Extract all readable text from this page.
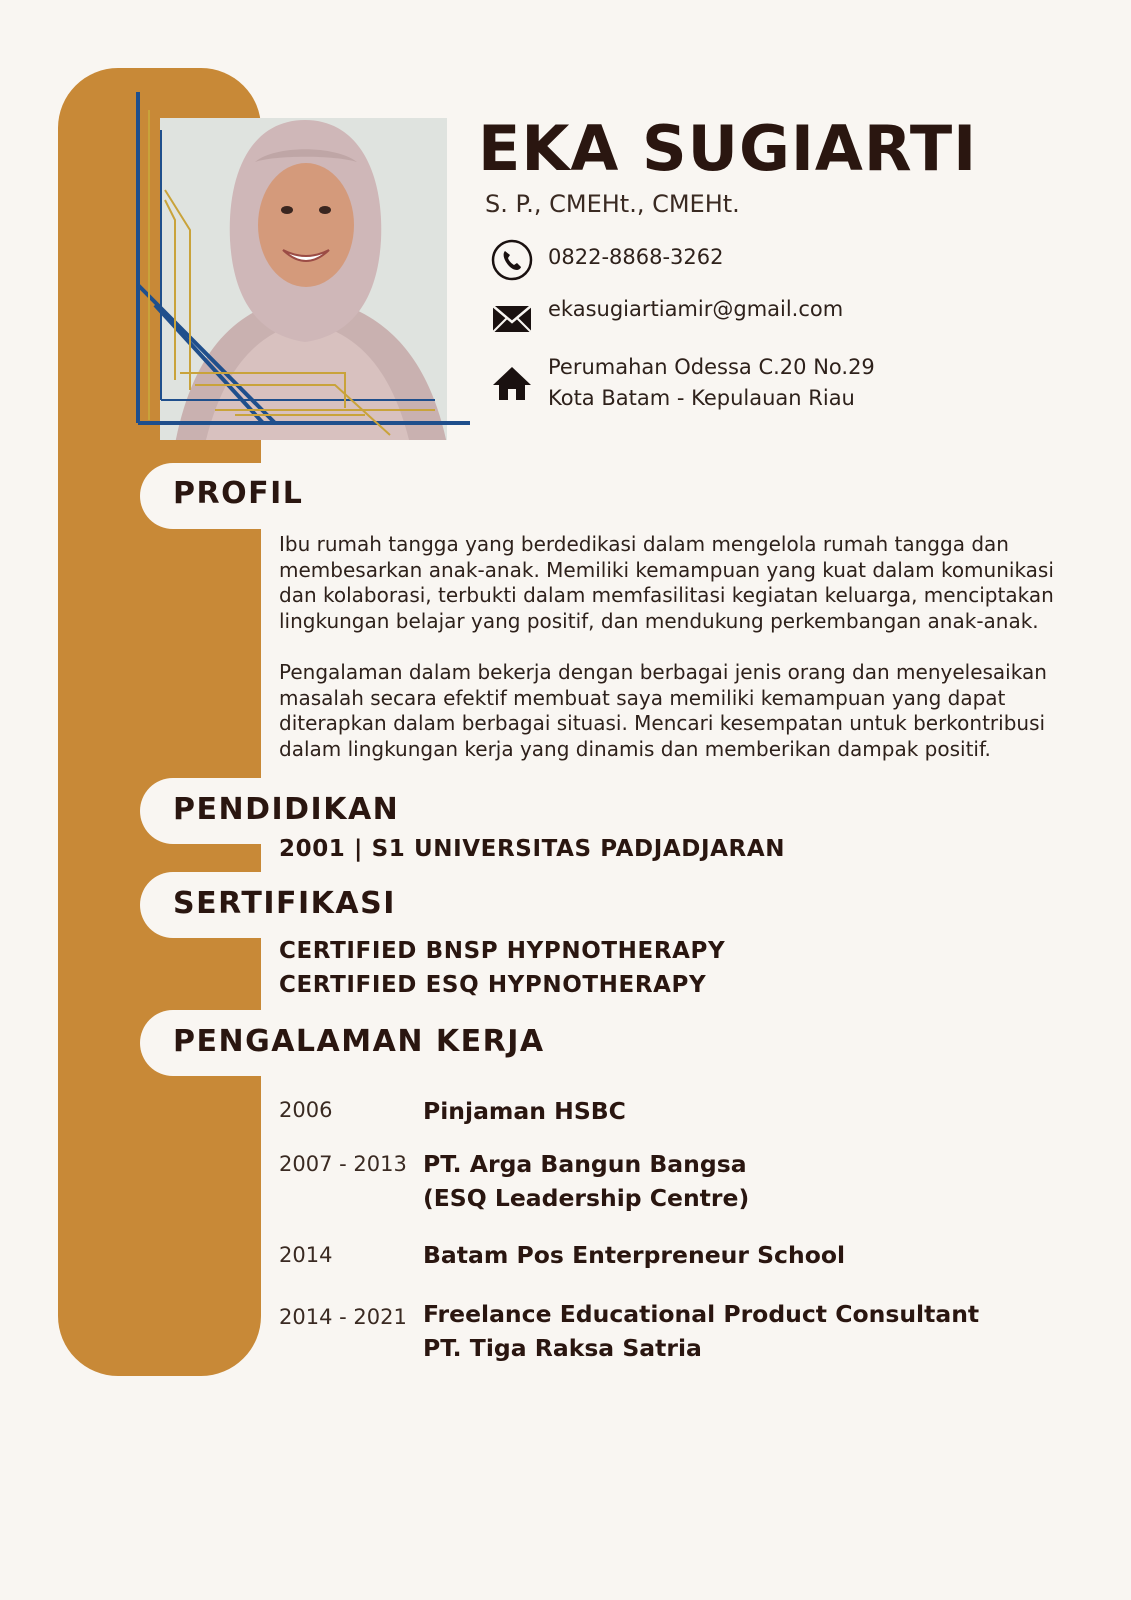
EKA SUGIARTI
S. P., CMEHt., CMEHt.
0822-8868-3262
ekasugiartiamir@gmail.com
Perumahan Odessa C.20 No.29
Kota Batam - Kepulauan Riau
PROFIL

Ibu rumah tangga yang berdedikasi dalam mengelola rumah tangga dan membesarkan anak-anak. Memiliki kemampuan yang kuat dalam komunikasi dan kolaborasi, terbukti dalam memfasilitasi kegiatan keluarga, menciptakan lingkungan belajar yang positif, dan mendukung perkembangan anak-anak.

Pengalaman dalam bekerja dengan berbagai jenis orang dan menyelesaikan masalah secara efektif membuat saya memiliki kemampuan yang dapat diterapkan dalam berbagai situasi. Mencari kesempatan untuk berkontribusi dalam lingkungan kerja yang dinamis dan memberikan dampak positif.

PENDIDIKAN
2001 | S1 UNIVERSITAS PADJADJARAN
SERTIFIKASI
CERTIFIED BNSP HYPNOTHERAPY
CERTIFIED ESQ HYPNOTHERAPY
PENGALAMAN KERJA
2006	Pinjaman HSBC
2007 - 2013 PT. Arga Bangun Bangsa
(ESQ Leadership Centre)
2014	Batam Pos Enterpreneur School
2014 - 2021 Freelance Educational Product Consultant
PT. Tiga Raksa Satria
